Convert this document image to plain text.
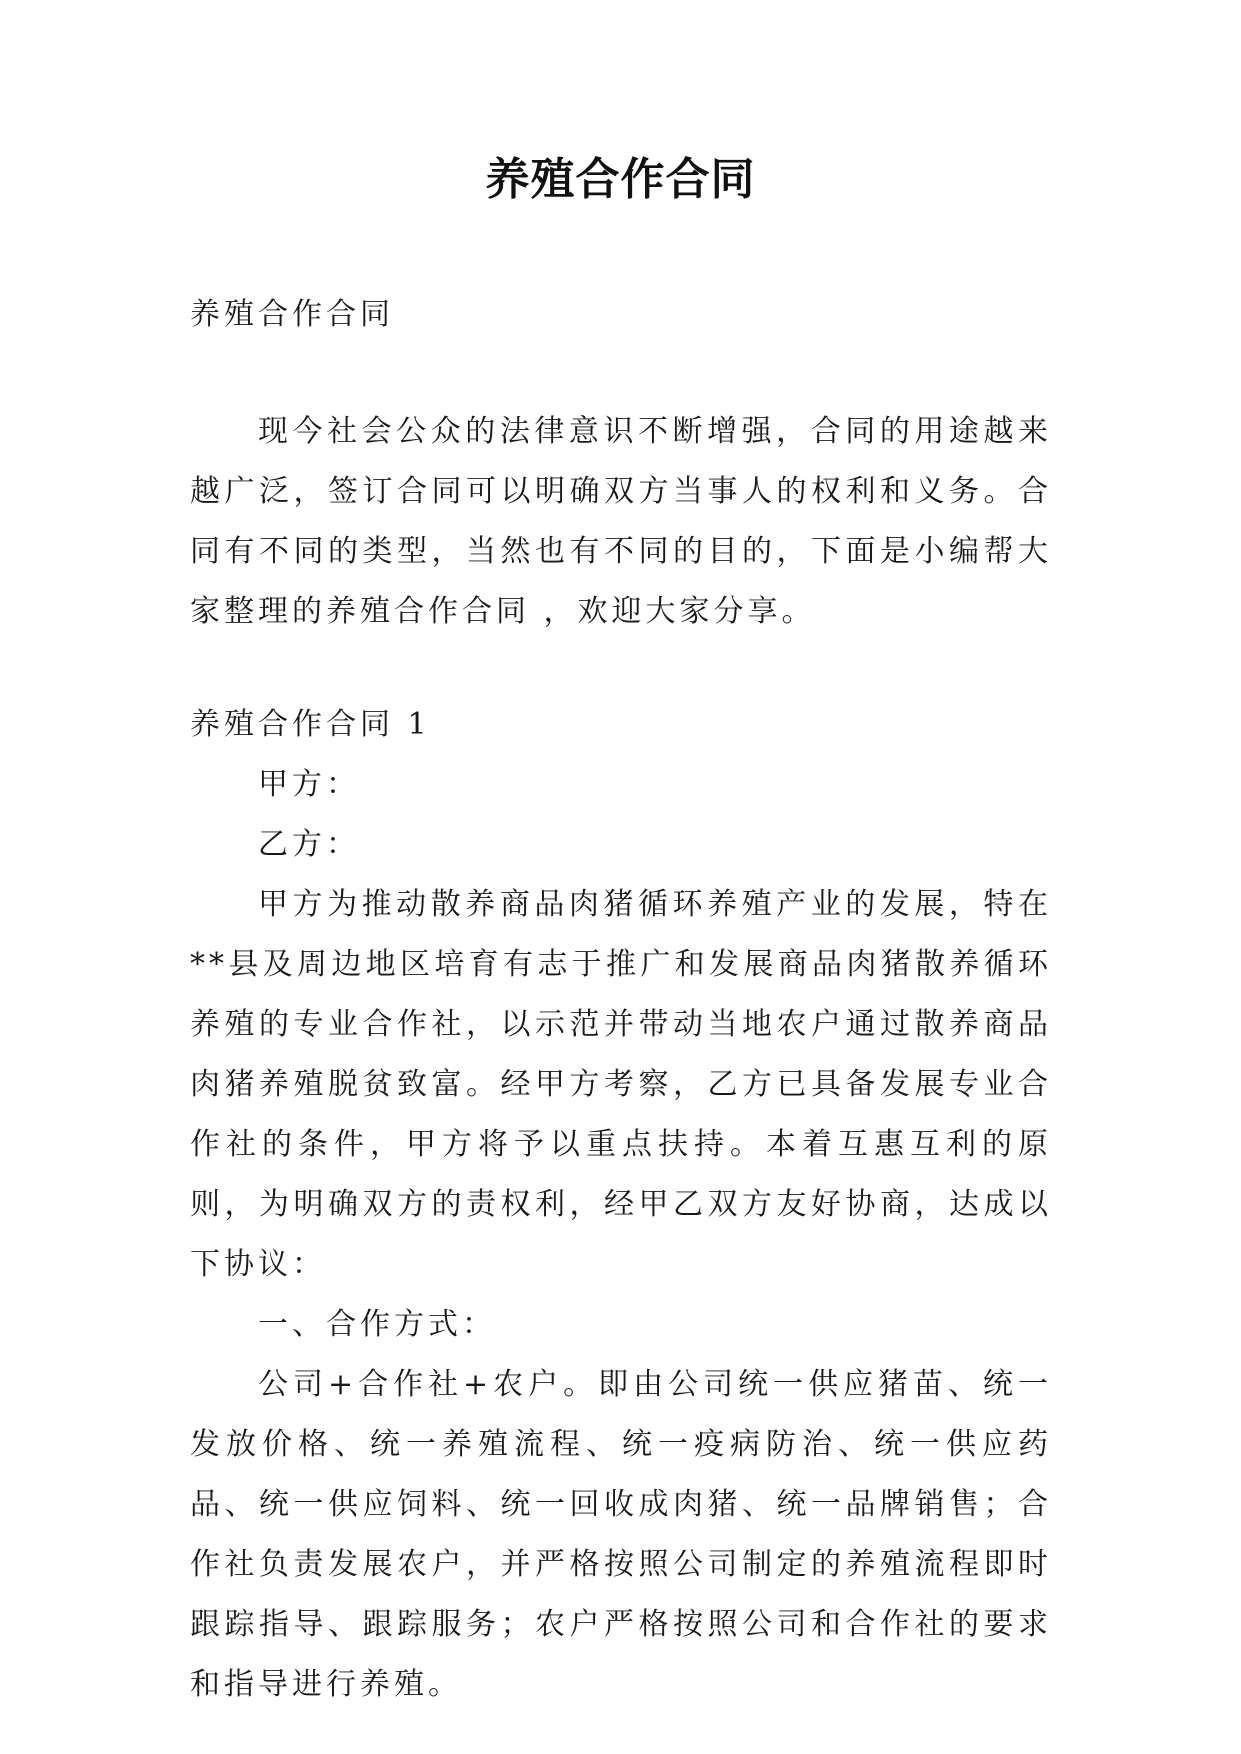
养殖合作合同

养殖合作合同

现今社会公众的法律意识不断增强，合同的用途越来越广泛，签订合同可以明确双方当事人的权利和义务。合同有不同的类型，当然也有不同的目的，下面是小编帮大家整理的养殖合作合同 ，欢迎大家分享。

养殖合作合同 1

甲方：

乙方：

甲方为推动散养商品肉猪循环养殖产业的发展，特在**县及周边地区培育有志于推广和发展商品肉猪散养循环养殖的专业合作社，以示范并带动当地农户通过散养商品肉猪养殖脱贫致富。经甲方考察，乙方已具备发展专业合作社的条件，甲方将予以重点扶持。本着互惠互利的原则，为明确双方的责权利，经甲乙双方友好协商，达成以下协议：

一、合作方式：

公司+合作社+农户。即由公司统一供应猪苗、统一发放价格、统一养殖流程、统一疫病防治、统一供应药品、统一供应饲料、统一回收成肉猪、统一品牌销售；合作社负责发展农户，并严格按照公司制定的养殖流程即时跟踪指导、跟踪服务；农户严格按照公司和合作社的要求和指导进行养殖。
